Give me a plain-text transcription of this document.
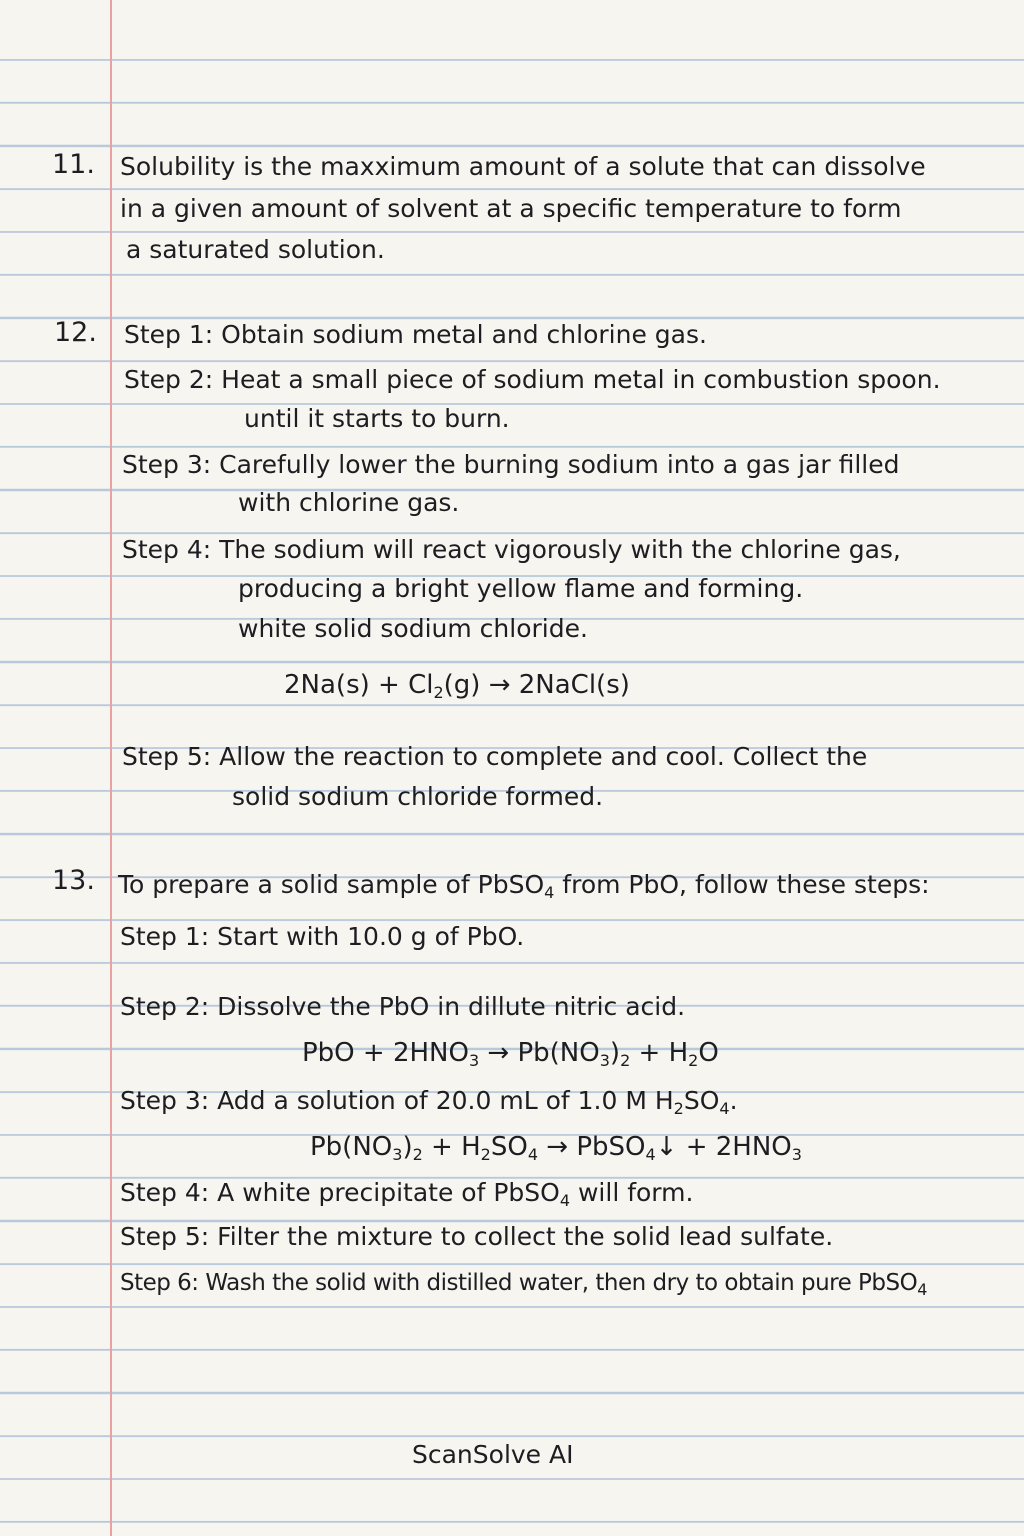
11. Solubility is the maxximum amount of a solute that can dissolve
in a given amount of solvent at a specific temperature to form
a saturated solution.
12. Step 1: Obtain sodium metal and chlorine gas.
Step 2: Heat a small piece of sodium metal in combustion spoon.
until it starts to burn.
Step 3: Carefully lower the burning sodium into a gas jar filled
with chlorine gas.
Step 4: The sodium will react vigorously with the chlorine gas,
producing a bright yellow flame and forming.
white solid sodium chloride.
$2Na(s) + Cl_2(g)$ → 2NaCl(s)
Step 5: Allow the reaction to complete and cool. Collect the
solid sodium chloride formed.
13. To prepare a solid sample of PbSO$_4$ from PbO, follow these steps:
Step 1: Start with 10.0 g of PbO.
Step 2: Dissolve the PbO in dillute nitric acid.
PbO + $2HNO_3 \to Pb(NO_3)_2 + H_2O$
Step 3: Add a solution of 20.0 mL of 1.0 M $H_2SO_4$.
$Pb(NO_3)_2 + H_2SO_4$ → PbSO$_4$↓ + $2HNO_3$
Step 4: A white precipitate of PbSO$_4$ will form.
Step 5: Filter the mixture to collect the solid lead sulfate.
Step 6: Wash the solid with distilled water, then dry to obtain pure PbSO$_4$
ScanSolve AI
